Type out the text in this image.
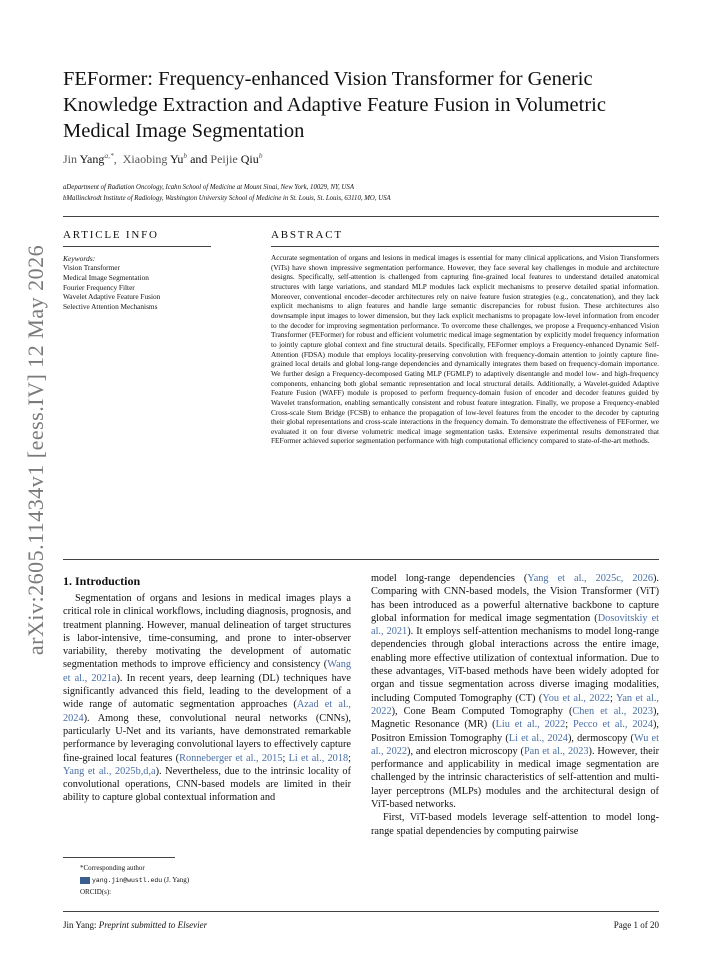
arXiv:2605.11434v1 [eess.IV] 12 May 2026
FEFormer: Frequency-enhanced Vision Transformer for Generic Knowledge Extraction and Adaptive Feature Fusion in Volumetric Medical Image Segmentation
Jin Yang$^{a,*}$,  Xiaobing Yu$^b$ and Peijie Qiu$^b$
aDepartment of Radiation Oncology, Icahn School of Medicine at Mount Sinai, New York, 10029, NY, USA
bMallinckrodt Institute of Radiology, Washington University School of Medicine in St. Louis, St. Louis, 63110, MO, USA
ARTICLE INFO	ABSTRACT
Keywords:
Vision Transformer
Medical Image Segmentation
Fourier Frequency Filter
Wavelet Adaptive Feature Fusion
Selective Attention Mechanisms
Accurate segmentation of organs and lesions in medical images is essential for many clinical applications, and Vision Transformers (ViTs) have shown impressive segmentation performance. However, they face several key challenges in module and architecture designs. Specifically, self-attention is challenged from capturing fine-grained local features to understand detailed anatomical structures with large variations, and standard MLP modules lack explicit mechanisms to preserve detailed spatial information. Moreover, conventional encoder–decoder architectures rely on naive feature fusion strategies (e.g., concatenation), and they lack explicit mechanisms to align features and handle large semantic discrepancies for robust fusion. These architectures also downsample input images to lower dimension, but they lack explicit mechanisms to propagate low-level information from encoder to the decoder for improving segmentation performance. To overcome these challenges, we propose a Frequency-enhanced Vision Transformer (FEFormer) for robust and efficient volumetric medical image segmentation by explicitly model frequency information to jointly capture global context and fine structural details. Specifically, FEFormer employs a Frequency-enhanced Dynamic Self-Attention (FDSA) module that employs locality-preserving convolution with frequency-domain attention to jointly capture fine-grained local details and global long-range dependencies and dynamically integrates them based on frequency-domain importance. We further design a Frequency-decomposed Gating MLP (FGMLP) to adaptively disentangle and model low- and high-frequency components, enhancing both global semantic representation and local structural details. Additionally, a Wavelet-guided Adaptive Feature Fusion (WAFF) module is proposed to perform frequency-domain fusion of encoder and decoder features guided by Wavelet transformation, enabling semantically consistent and robust feature integration. Finally, we propose a Frequency-enabled Cross-scale Stem Bridge (FCSB) to enhance the propagation of low-level features from the encoder to the decoder by capturing their global representations and cross-scale interactions in the frequency domain. To demonstrate the effectiveness of FEFormer, we evaluated it on four diverse volumetric medical image segmentation tasks. Extensive experimental results demonstrated that FEFormer achieved superior segmentation performance with high computational efficiency compared to state-of-the-art methods.
1. Introduction

Segmentation of organs and lesions in medical images plays a critical role in clinical workflows, including diagnosis, prognosis, and treatment planning. However, manual delineation of target structures is labor-intensive, time-consuming, and prone to inter-observer variability, thereby motivating the development of automatic segmentation methods to improve efficiency and consistency (Wang et al., 2021a). In recent years, deep learning (DL) techniques have significantly advanced this field, leading to the development of a wide range of automatic segmentation approaches (Azad et al., 2024). Among these, convolutional neural networks (CNNs), particularly U-Net and its variants, have demonstrated remarkable performance by leveraging convolutional layers to effectively capture fine-grained local features (Ronneberger et al., 2015; Li et al., 2018; Yang et al., 2025b,d,a). Nevertheless, due to the intrinsic locality of convolutional operations, CNN-based models are limited in their ability to capture global contextual information and

model long-range dependencies (Yang et al., 2025c, 2026). Comparing with CNN-based models, the Vision Transformer (ViT) has been introduced as a powerful alternative backbone to capture global information for medical image segmentation (Dosovitskiy et al., 2021). It employs self-attention mechanisms to model long-range dependencies through global interactions across the entire image, enabling more effective utilization of contextual information. Due to these advantages, ViT-based methods have been widely adopted for organ and tissue segmentation across diverse imaging modalities, including Computed Tomography (CT) (You et al., 2022; Yan et al., 2022), Cone Beam Computed Tomography (Chen et al., 2023), Magnetic Resonance (MR) (Liu et al., 2022; Pecco et al., 2024), Positron Emission Tomography (Li et al., 2024), dermoscopy (Wu et al., 2022), and electron microscopy (Pan et al., 2023). However, their performance and applicability in medical image segmentation are challenged by the intrinsic characteristics of self-attention and multi-layer perceptrons (MLPs) modules and the architectural design of ViT-based networks.

First, ViT-based models leverage self-attention to model long-range spatial dependencies by computing pairwise

*Corresponding author
yang.jin@wustl.edu (J. Yang)
ORCID(s):
Jin Yang: Preprint submitted to Elsevier	Page 1 of 20
